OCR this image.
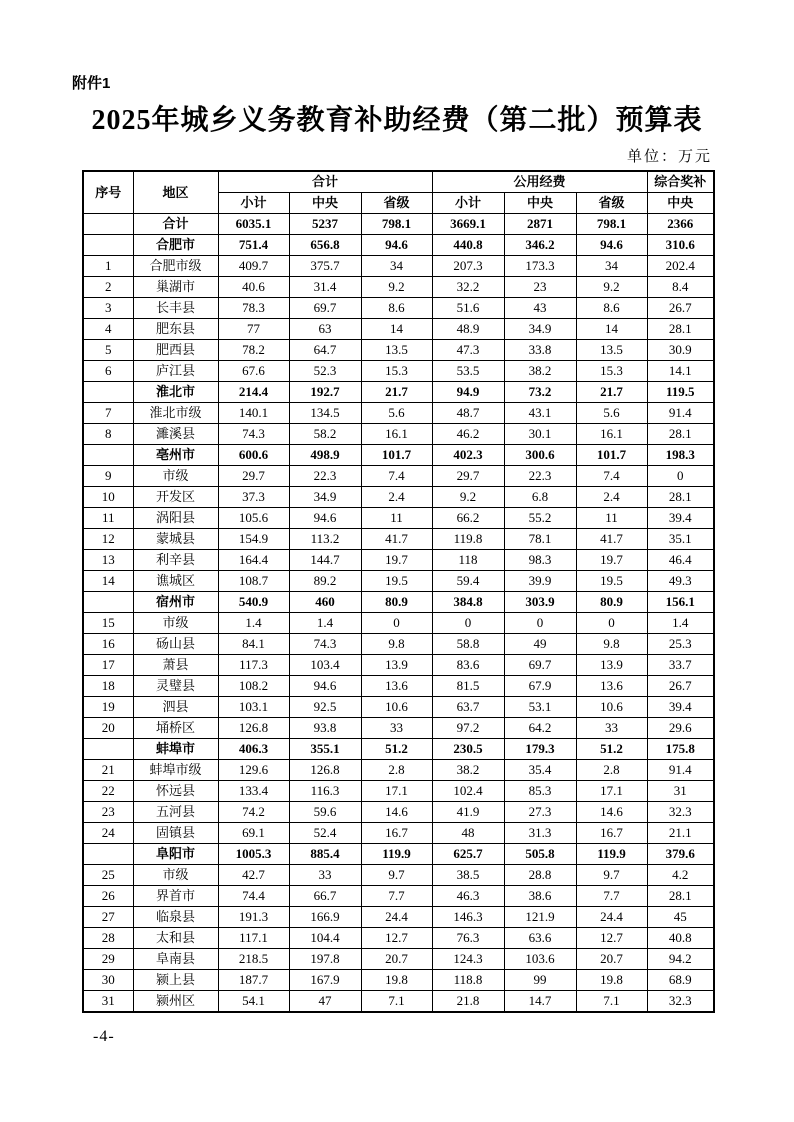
附件1
2025年城乡义务教育补助经费（第二批）预算表
单位：万元
序号	地区	合计			公用经费			综合奖补
		小计	中央	省级	小计	中央	省级	中央
	合计	6035.1	5237	798.1	3669.1	2871	798.1	2366
	合肥市	751.4	656.8	94.6	440.8	346.2	94.6	310.6
1	合肥市级	409.7	375.7	34	207.3	173.3	34	202.4
2	巢湖市	40.6	31.4	9.2	32.2	23	9.2	8.4
3	长丰县	78.3	69.7	8.6	51.6	43	8.6	26.7
4	肥东县	77	63	14	48.9	34.9	14	28.1
5	肥西县	78.2	64.7	13.5	47.3	33.8	13.5	30.9
6	庐江县	67.6	52.3	15.3	53.5	38.2	15.3	14.1
	淮北市	214.4	192.7	21.7	94.9	73.2	21.7	119.5
7	淮北市级	140.1	134.5	5.6	48.7	43.1	5.6	91.4
8	濉溪县	74.3	58.2	16.1	46.2	30.1	16.1	28.1
	亳州市	600.6	498.9	101.7	402.3	300.6	101.7	198.3
9	市级	29.7	22.3	7.4	29.7	22.3	7.4	0
10	开发区	37.3	34.9	2.4	9.2	6.8	2.4	28.1
11	涡阳县	105.6	94.6	11	66.2	55.2	11	39.4
12	蒙城县	154.9	113.2	41.7	119.8	78.1	41.7	35.1
13	利辛县	164.4	144.7	19.7	118	98.3	19.7	46.4
14	谯城区	108.7	89.2	19.5	59.4	39.9	19.5	49.3
	宿州市	540.9	460	80.9	384.8	303.9	80.9	156.1
15	市级	1.4	1.4	0	0	0	0	1.4
16	砀山县	84.1	74.3	9.8	58.8	49	9.8	25.3
17	萧县	117.3	103.4	13.9	83.6	69.7	13.9	33.7
18	灵璧县	108.2	94.6	13.6	81.5	67.9	13.6	26.7
19	泗县	103.1	92.5	10.6	63.7	53.1	10.6	39.4
20	埇桥区	126.8	93.8	33	97.2	64.2	33	29.6
	蚌埠市	406.3	355.1	51.2	230.5	179.3	51.2	175.8
21	蚌埠市级	129.6	126.8	2.8	38.2	35.4	2.8	91.4
22	怀远县	133.4	116.3	17.1	102.4	85.3	17.1	31
23	五河县	74.2	59.6	14.6	41.9	27.3	14.6	32.3
24	固镇县	69.1	52.4	16.7	48	31.3	16.7	21.1
	阜阳市	1005.3	885.4	119.9	625.7	505.8	119.9	379.6
25	市级	42.7	33	9.7	38.5	28.8	9.7	4.2
26	界首市	74.4	66.7	7.7	46.3	38.6	7.7	28.1
27	临泉县	191.3	166.9	24.4	146.3	121.9	24.4	45
28	太和县	117.1	104.4	12.7	76.3	63.6	12.7	40.8
29	阜南县	218.5	197.8	20.7	124.3	103.6	20.7	94.2
30	颍上县	187.7	167.9	19.8	118.8	99	19.8	68.9
31	颍州区	54.1	47	7.1	21.8	14.7	7.1	32.3
-4-
